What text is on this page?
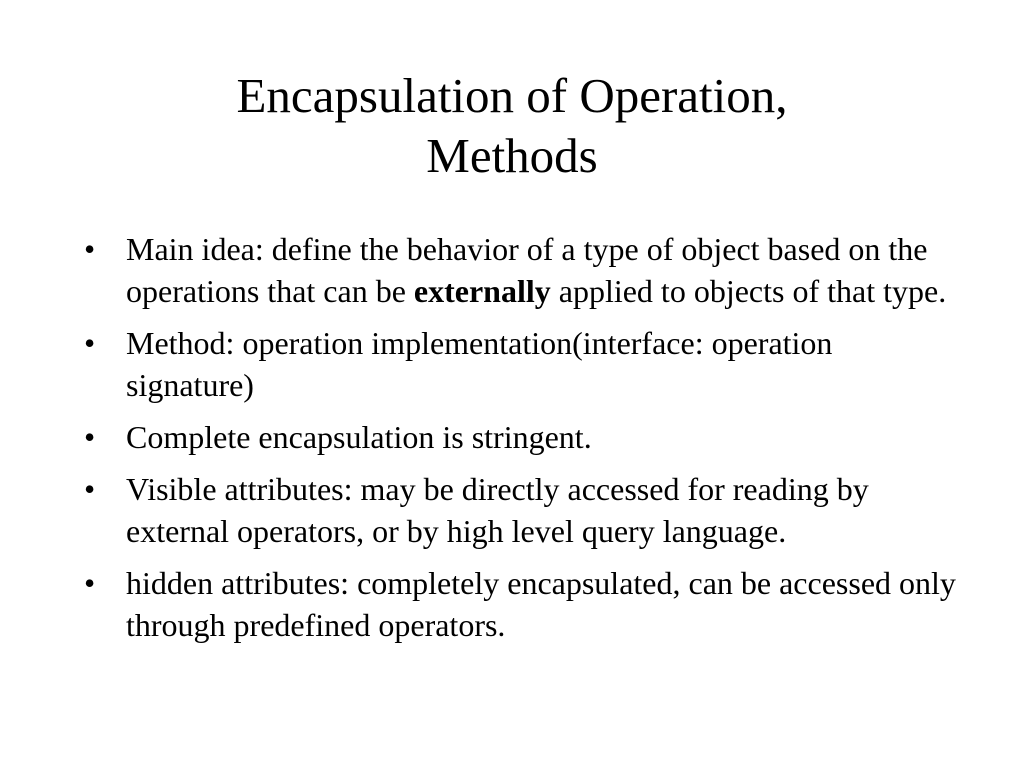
Encapsulation of Operation,
Methods
• Main idea: define the behavior of a type of object based on the operations that can be externally applied to objects of that type.
• Method: operation implementation(interface: operation signature)
• Complete encapsulation is stringent.
• Visible attributes: may be directly accessed for reading by external operators, or by high level query language.
• hidden attributes: completely encapsulated, can be accessed only through predefined operators.
